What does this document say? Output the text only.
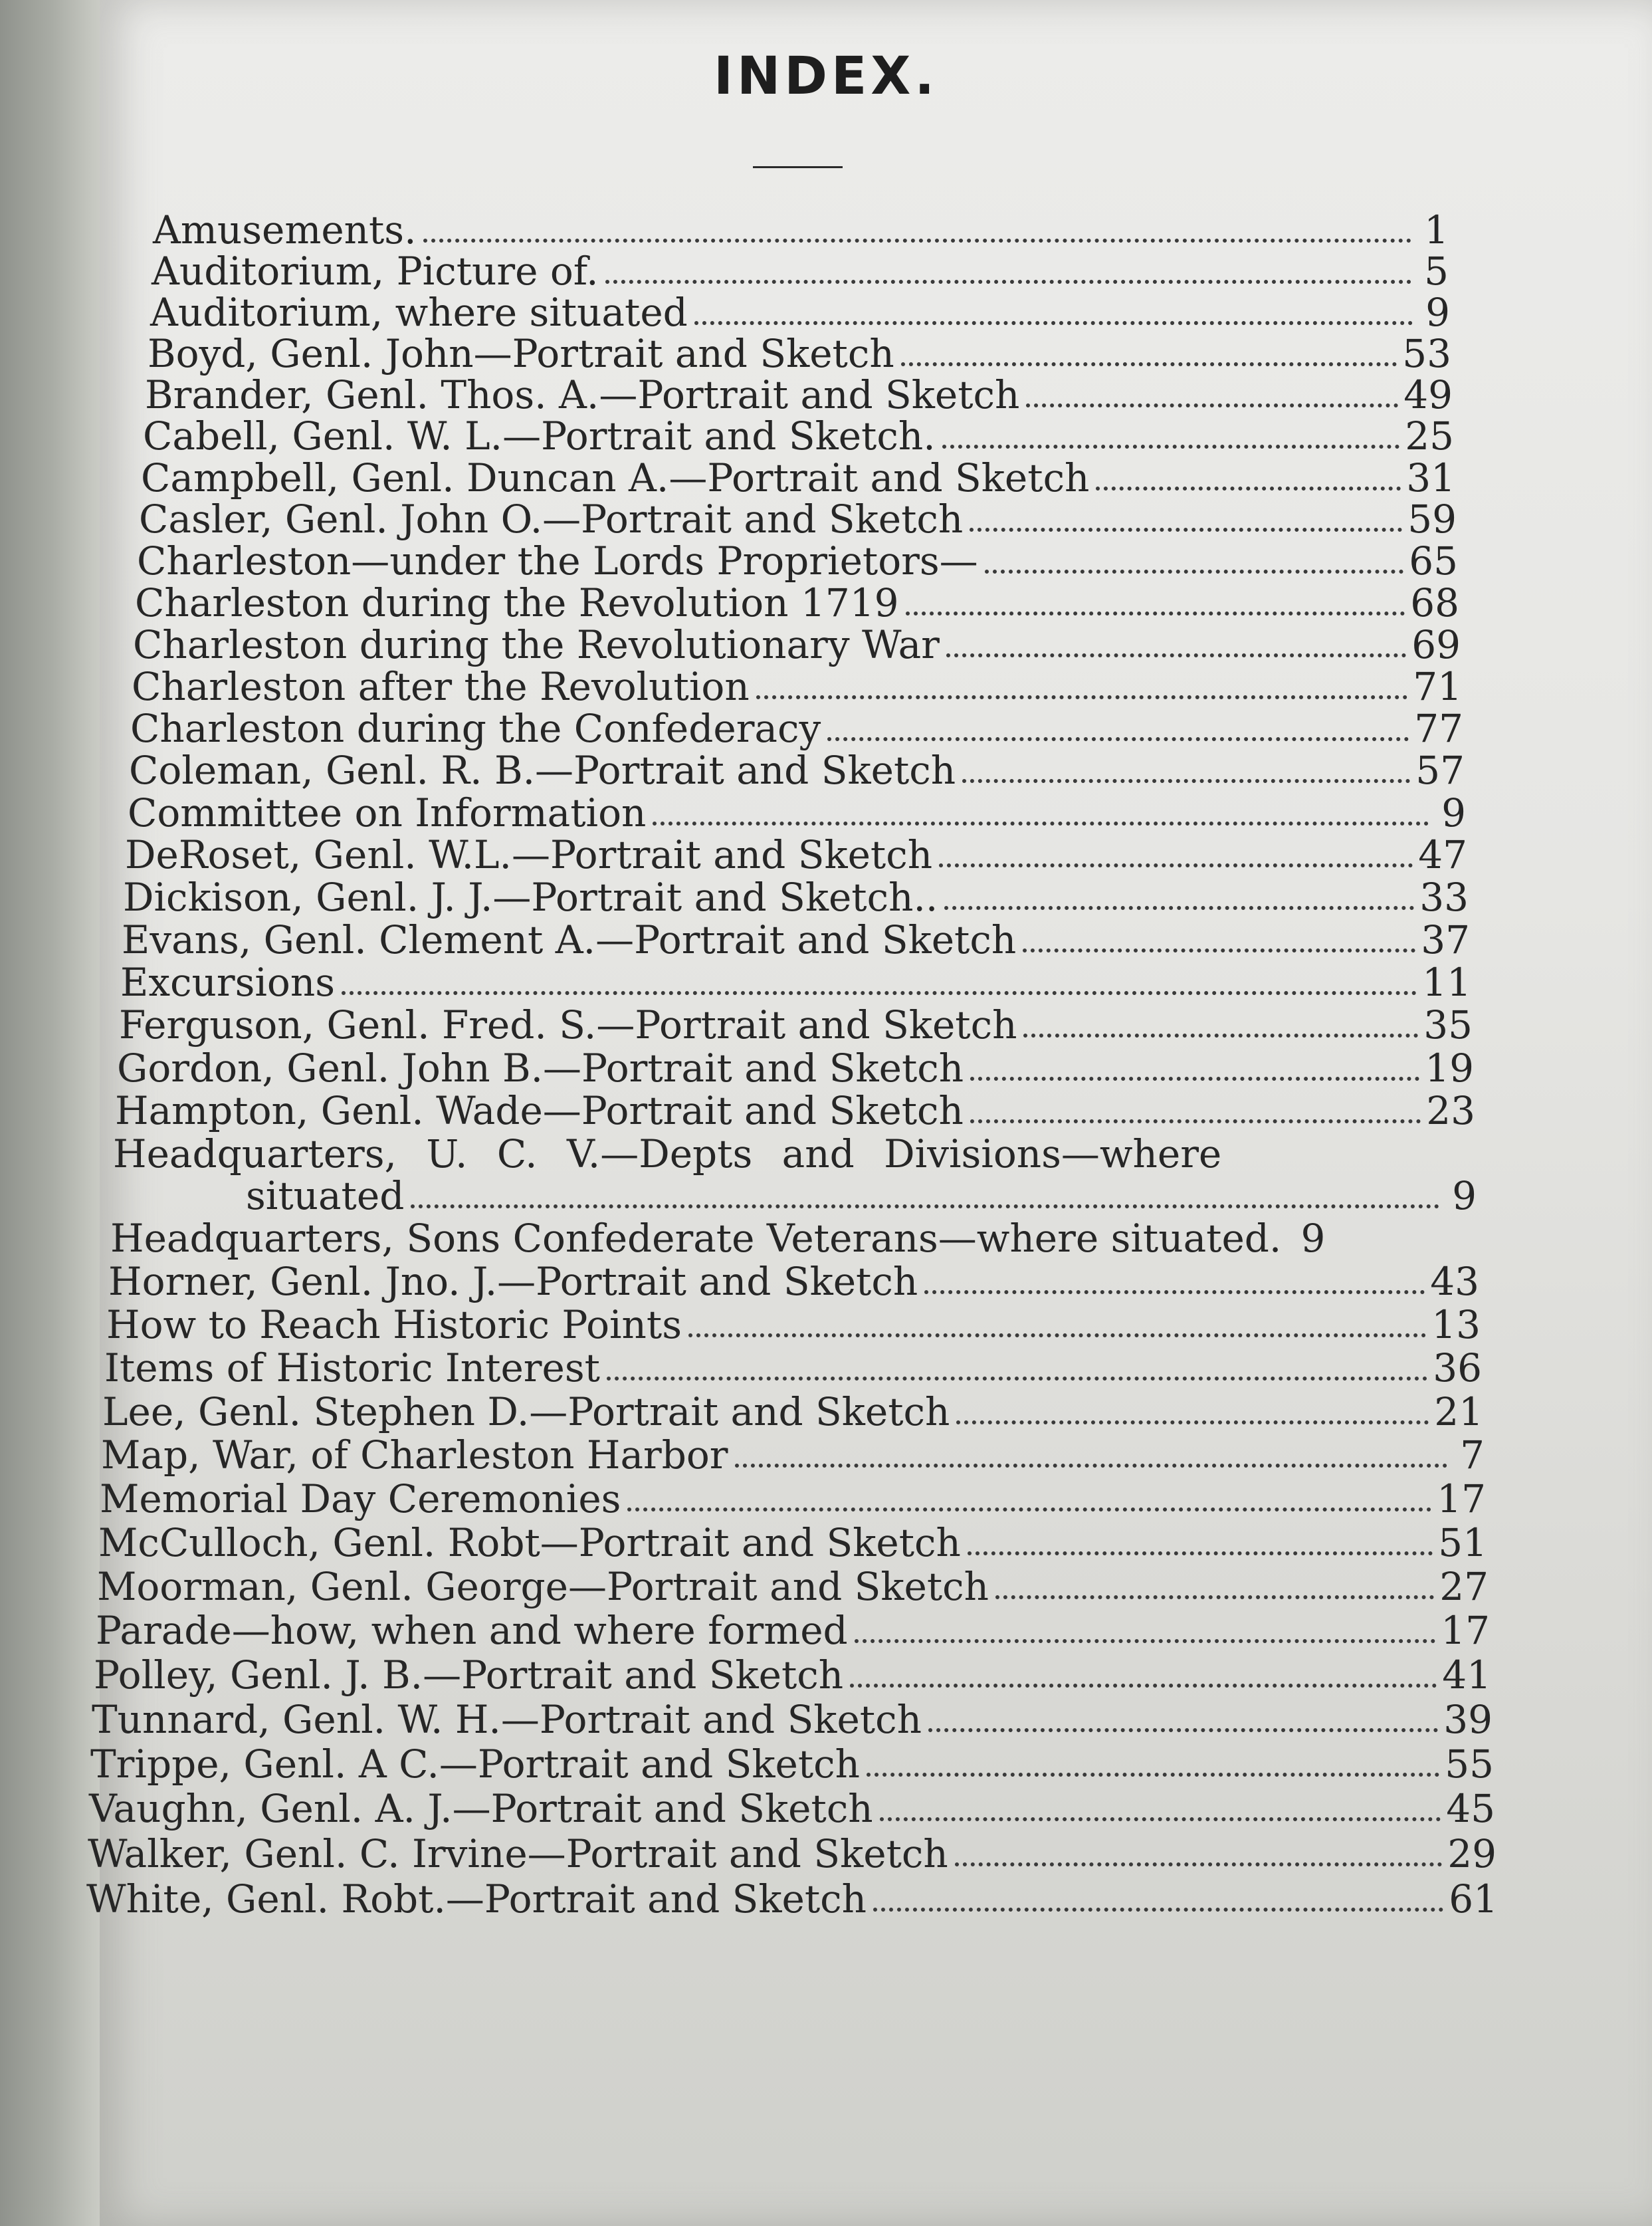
INDEX.
Amusements.	1
Auditorium, Picture of.	5
Auditorium, where situated	9
Boyd, Genl. John—Portrait and Sketch	53
Brander, Genl. Thos. A.—Portrait and Sketch	49
Cabell, Genl. W. L.—Portrait and Sketch.	25
Campbell, Genl. Duncan A.—Portrait and Sketch	31
Casler, Genl. John O.—Portrait and Sketch	59
Charleston—under the Lords Proprietors—	65
Charleston during the Revolution 1719	68
Charleston during the Revolutionary War	69
Charleston after the Revolution	71
Charleston during the Confederacy	77
Coleman, Genl. R. B.—Portrait and Sketch	57
Committee on Information	9
DeRoset, Genl. W.L.—Portrait and Sketch	47
Dickison, Genl. J. J.—Portrait and Sketch..	33
Evans, Genl. Clement A.—Portrait and Sketch	37
Excursions	11
Ferguson, Genl. Fred. S.—Portrait and Sketch	35
Gordon, Genl. John B.—Portrait and Sketch	19
Hampton, Genl. Wade—Portrait and Sketch	23
Headquarters, U. C. V.—Depts and Divisions—where
situated	9
Headquarters, Sons Confederate Veterans—where situated. 9
Horner, Genl. Jno. J.—Portrait and Sketch	43
How to Reach Historic Points	13
Items of Historic Interest	36
Lee, Genl. Stephen D.—Portrait and Sketch	21
Map, War, of Charleston Harbor	7
Memorial Day Ceremonies	17
McCulloch, Genl. Robt—Portrait and Sketch	51
Moorman, Genl. George—Portrait and Sketch	27
Parade—how, when and where formed	17
Polley, Genl. J. B.—Portrait and Sketch	41
Tunnard, Genl. W. H.—Portrait and Sketch	39
Trippe, Genl. A C.—Portrait and Sketch	55
Vaughn, Genl. A. J.—Portrait and Sketch	45
Walker, Genl. C. Irvine—Portrait and Sketch	29
White, Genl. Robt.—Portrait and Sketch	61
